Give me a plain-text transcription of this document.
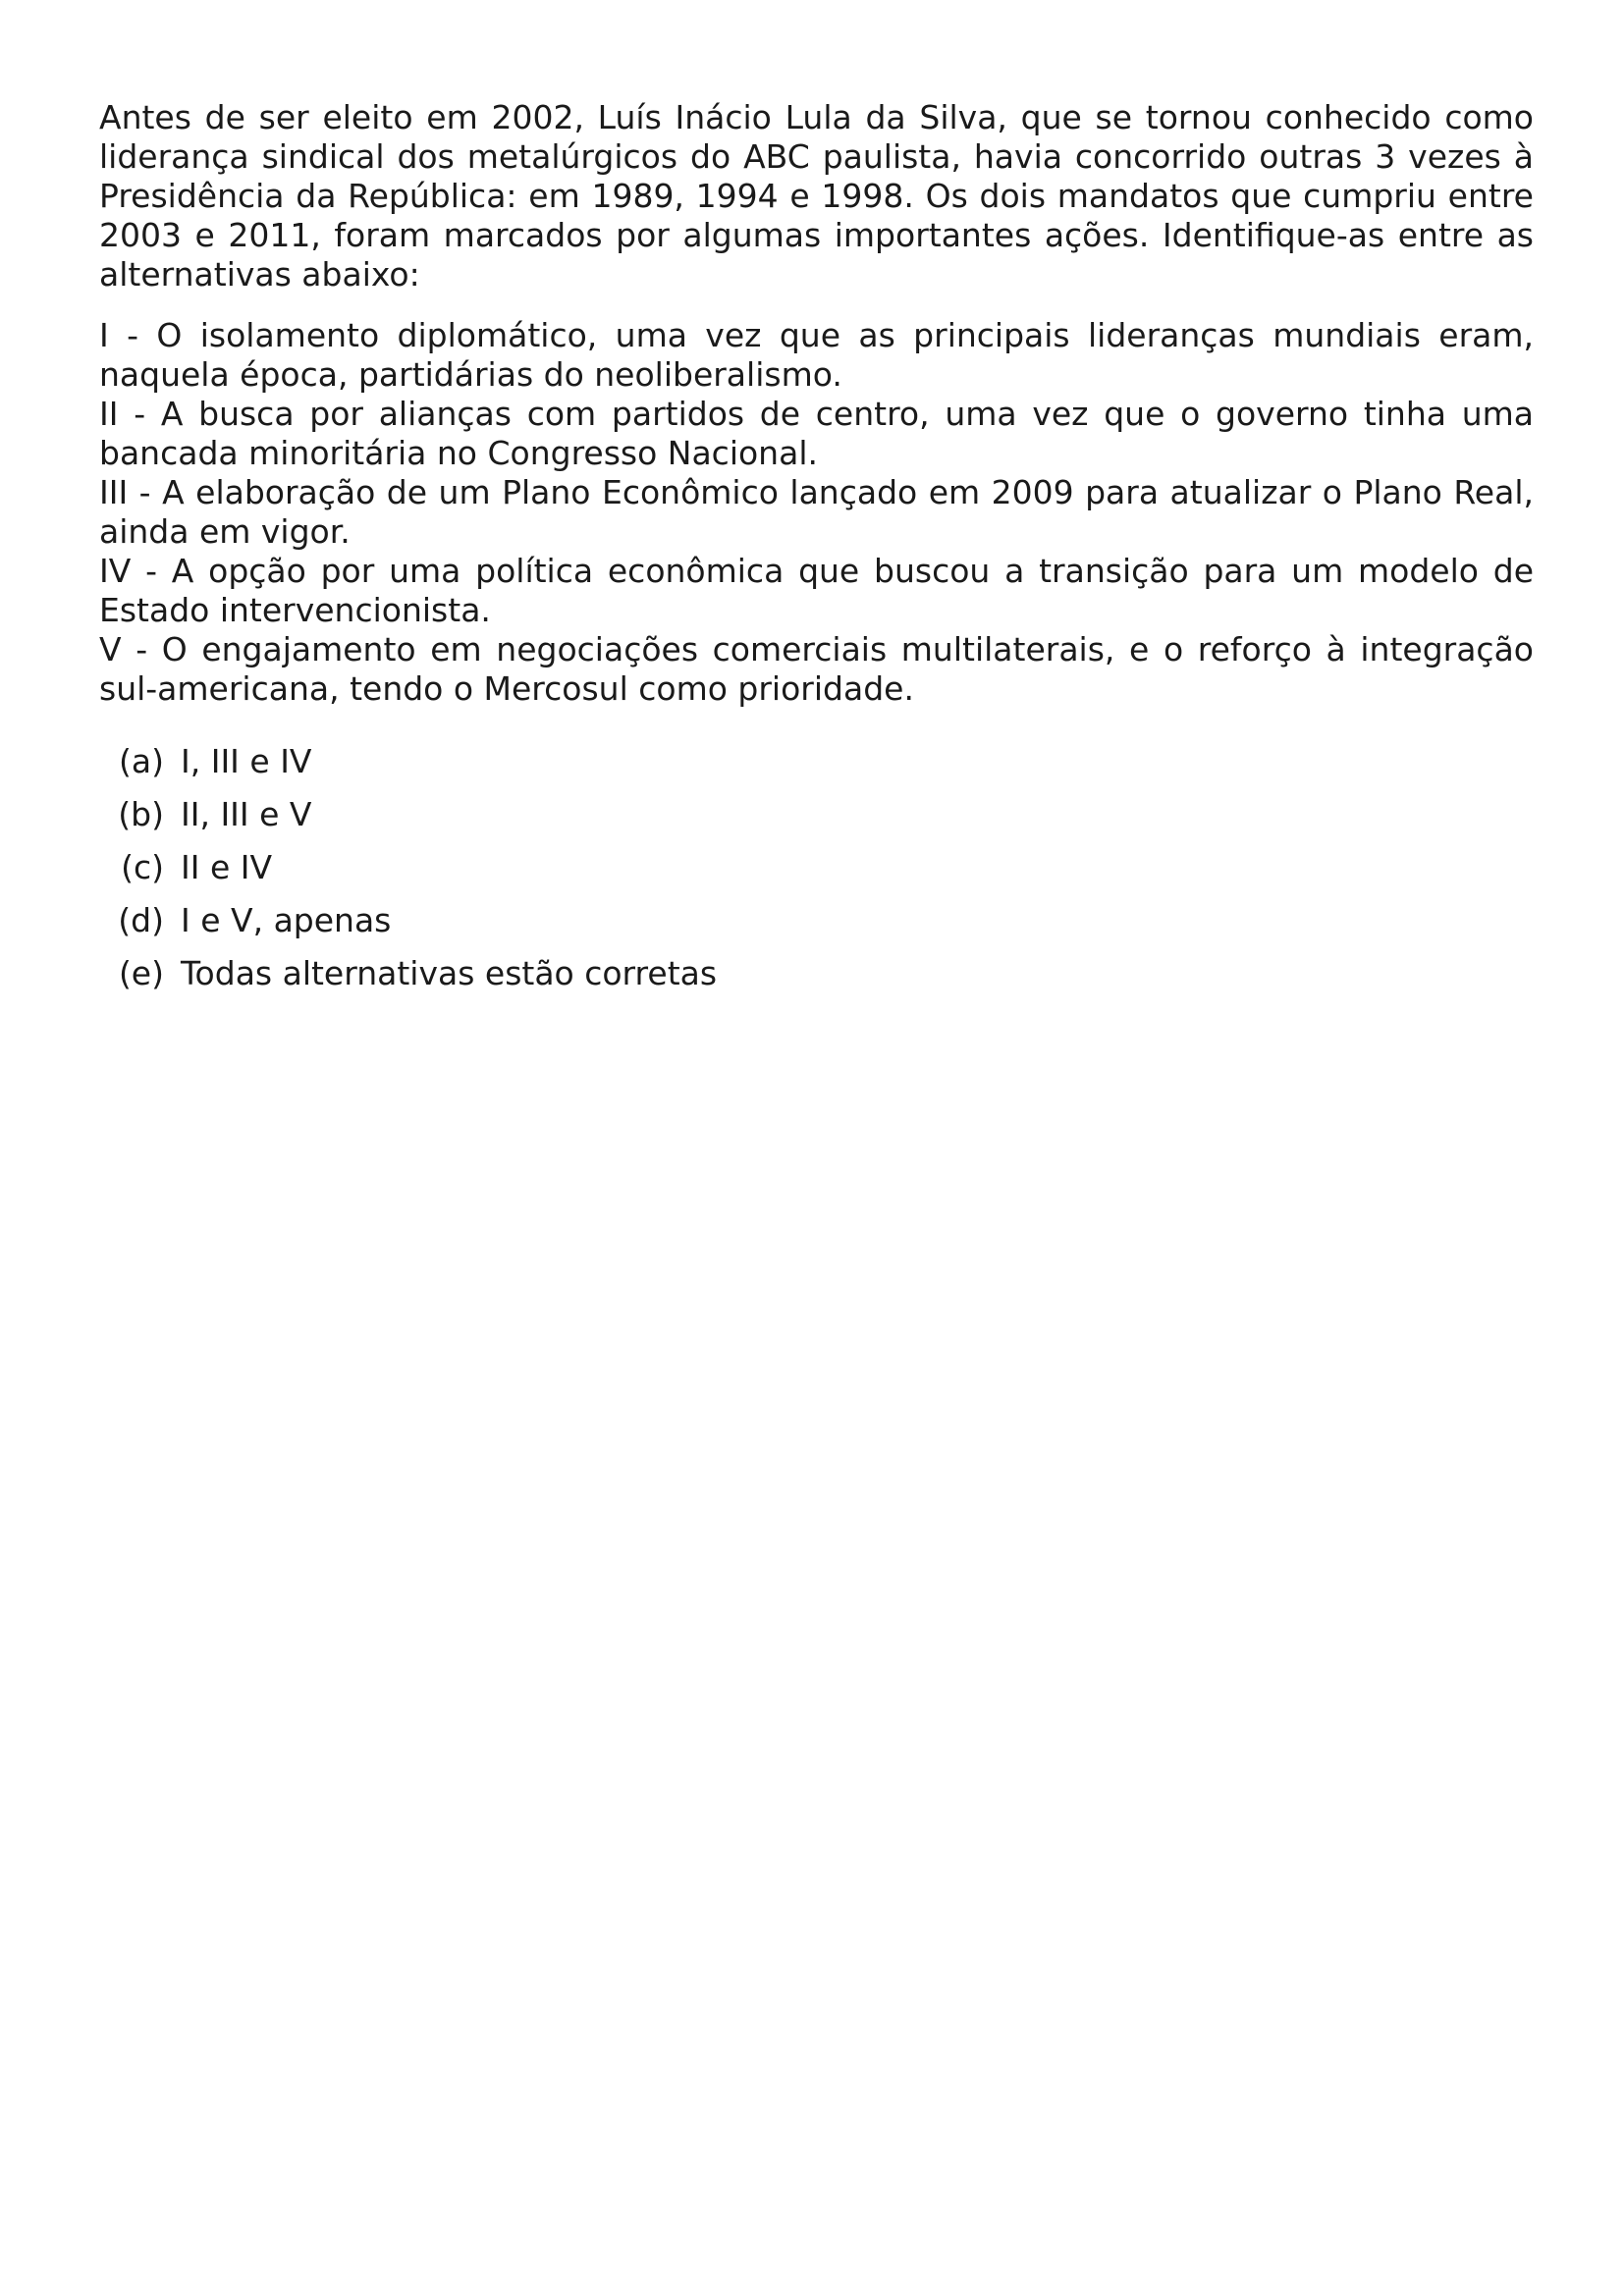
Antes de ser eleito em 2002, Luís Inácio Lula da Silva, que se tornou conhecido como liderança sindical dos metalúrgicos do ABC paulista, havia concorrido outras 3 vezes à Presidência da República: em 1989, 1994 e 1998. Os dois mandatos que cumpriu entre 2003 e 2011, foram marcados por algumas importantes ações. Identifique-as entre as alternativas abaixo:

I - O isolamento diplomático, uma vez que as principais lideranças mundiais eram, naquela época, partidárias do neoliberalismo.

II - A busca por alianças com partidos de centro, uma vez que o governo tinha uma bancada minoritária no Congresso Nacional.

III - A elaboração de um Plano Econômico lançado em 2009 para atualizar o Plano Real, ainda em vigor.

IV - A opção por uma política econômica que buscou a transição para um modelo de Estado intervencionista.

V - O engajamento em negociações comerciais multilaterais, e o reforço à integração sul-americana, tendo o Mercosul como prioridade.

(a) I, III e IV
(b) II, III e V
(c) II e IV
(d) I e V, apenas
(e) Todas alternativas estão corretas
